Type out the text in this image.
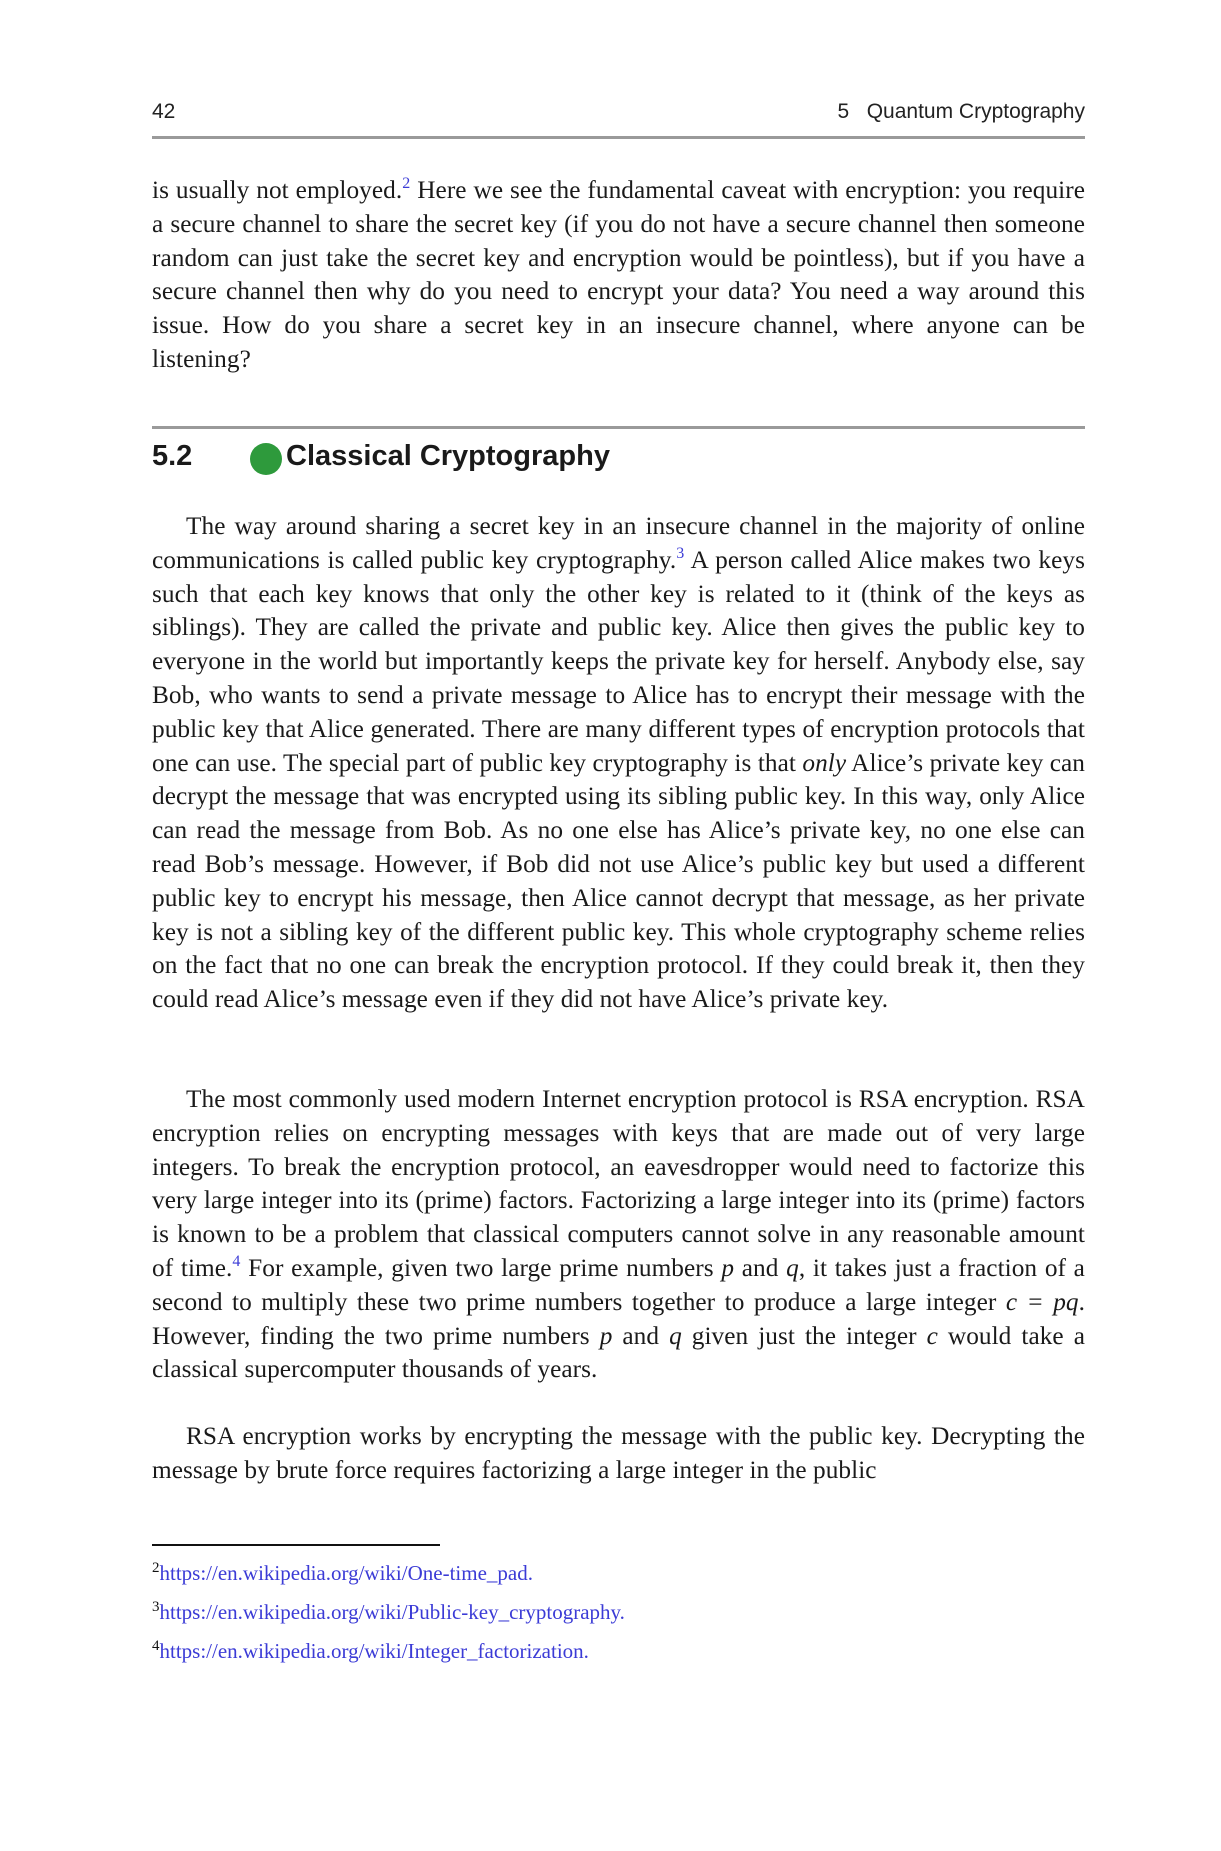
42	5   Quantum Cryptography

is usually not employed.$^2$ Here we see the fundamental caveat with encryption: you require a secure channel to share the secret key (if you do not have a secure channel then someone random can just take the secret key and encryption would be pointless), but if you have a secure channel then why do you need to encrypt your data? You need a way around this issue. How do you share a secret key in an insecure channel, where anyone can be listening?

5.2	Classical Cryptography

The way around sharing a secret key in an insecure channel in the majority of online communications is called public key cryptography.$^3$ A person called Alice makes two keys such that each key knows that only the other key is related to it (think of the keys as siblings). They are called the private and public key. Alice then gives the public key to everyone in the world but importantly keeps the private key for herself. Anybody else, say Bob, who wants to send a private message to Alice has to encrypt their message with the public key that Alice generated. There are many different types of encryption protocols that one can use. The special part of public key cryptography is that only Alice’s private key can decrypt the message that was encrypted using its sibling public key. In this way, only Alice can read the message from Bob. As no one else has Alice’s private key, no one else can read Bob’s message. However, if Bob did not use Alice’s public key but used a different public key to encrypt his message, then Alice cannot decrypt that message, as her private key is not a sibling key of the different public key. This whole cryptography scheme relies on the fact that no one can break the encryption protocol. If they could break it, then they could read Alice’s message even if they did not have Alice’s private key.

The most commonly used modern Internet encryption protocol is RSA encryption. RSA encryption relies on encrypting messages with keys that are made out of very large integers. To break the encryption protocol, an eavesdropper would need to factorize this very large integer into its (prime) factors. Factorizing a large integer into its (prime) factors is known to be a problem that classical computers cannot solve in any reasonable amount of time.$^4$ For example, given two large prime numbers p and q, it takes just a fraction of a second to multiply these two prime numbers together to produce a large integer c = pq. However, finding the two prime numbers p and q given just the integer c would take a classical supercomputer thousands of years.

RSA encryption works by encrypting the message with the public key. Decrypting the message by brute force requires factorizing a large integer in the public

$^2$https://en.wikipedia.org/wiki/One-time_pad.
$^3$https://en.wikipedia.org/wiki/Public-key_cryptography.
$^4$https://en.wikipedia.org/wiki/Integer_factorization.
